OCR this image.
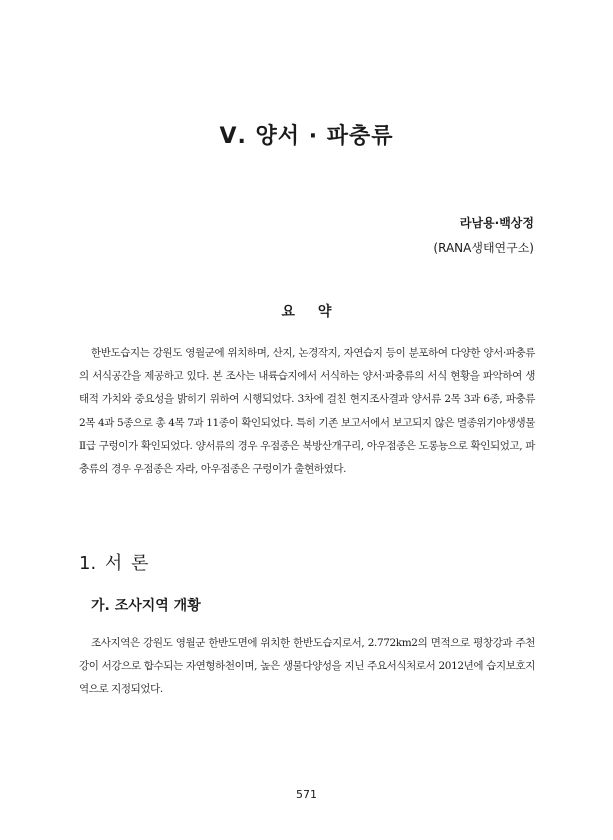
Ⅴ. 양서 · 파충류
라남용·백상정
(RANA생태연구소)
요 약

한반도습지는 강원도 영월군에 위치하며, 산지, 논경작지, 자연습지 등이 분포하여 다양한 양서·파충류의 서식공간을 제공하고 있다. 본 조사는 내륙습지에서 서식하는 양서·파충류의 서식 현황을 파악하여 생태적 가치와 중요성을 밝히기 위하여 시행되었다. 3차에 걸친 현지조사결과 양서류 2목 3과 6종, 파충류 2목 4과 5종으로 총 4목 7과 11종이 확인되었다. 특히 기존 보고서에서 보고되지 않은 멸종위기야생생물 Ⅱ급 구렁이가 확인되었다. 양서류의 경우 우점종은 북방산개구리, 아우점종은 도롱뇽으로 확인되었고, 파충류의 경우 우점종은 자라, 아우점종은 구렁이가 출현하였다.

1. 서 론
가. 조사지역 개황

조사지역은 강원도 영월군 한반도면에 위치한 한반도습지로서, 2.772km2의 면적으로 평창강과 주천강이 서강으로 합수되는 자연형하천이며, 높은 생물다양성을 지닌 주요서식처로서 2012년에 습지보호지역으로 지정되었다.

571
